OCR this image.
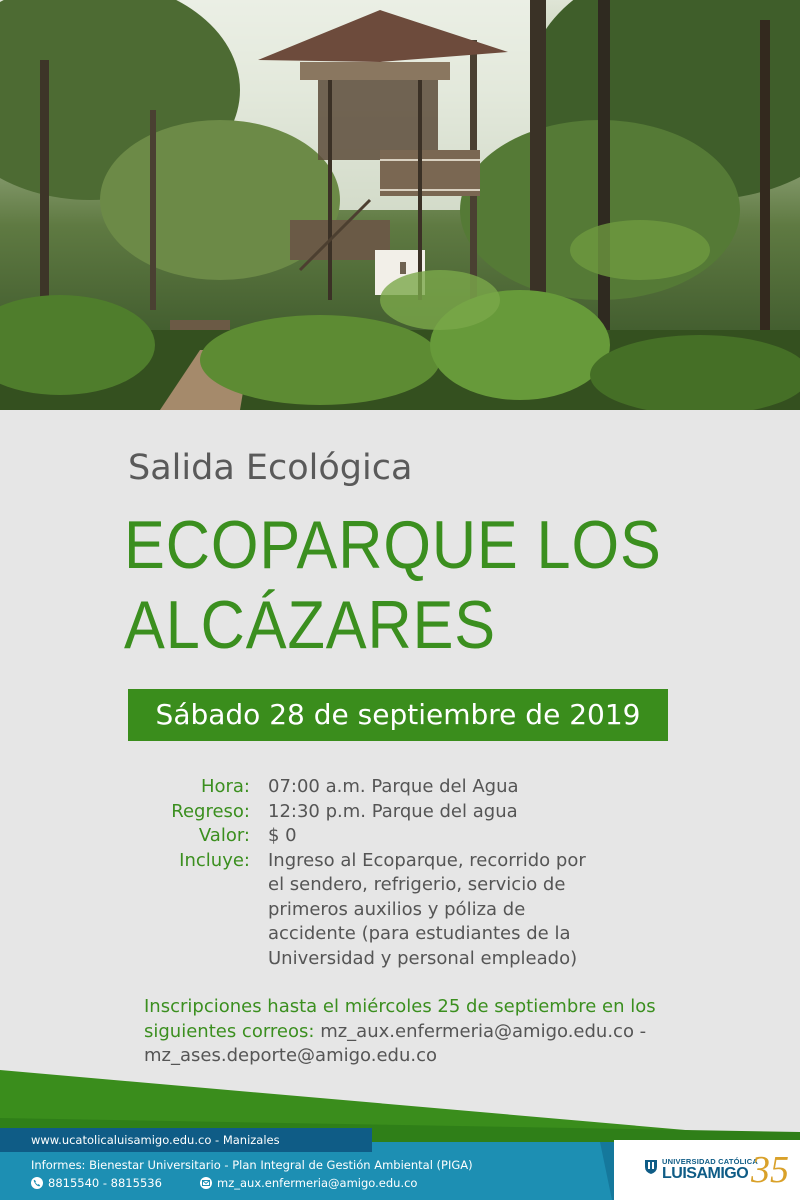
Salida Ecológica
ECOPARQUE LOS ALCÁZARES
Sábado 28 de septiembre de 2019
Hora:	07:00 a.m. Parque del Agua
Regreso:	12:30 p.m. Parque del agua
Valor:	$ 0
Incluye:	Ingreso al Ecoparque, recorrido por el sendero, refrigerio, servicio de primeros auxilios y póliza de accidente (para estudiantes de la Universidad y personal empleado)
Inscripciones hasta el miércoles 25 de septiembre en los siguientes correos: mz_aux.enfermeria@amigo.edu.co - mz_ases.deporte@amigo.edu.co
www.ucatolicaluisamigo.edu.co - Manizales
Informes: Bienestar Universitario - Plan Integral de Gestión Ambiental (PIGA)
8815540 - 8815536	mz_aux.enfermeria@amigo.edu.co
UNIVERSIDAD CATÓLICA
LUISAMIGO 35
